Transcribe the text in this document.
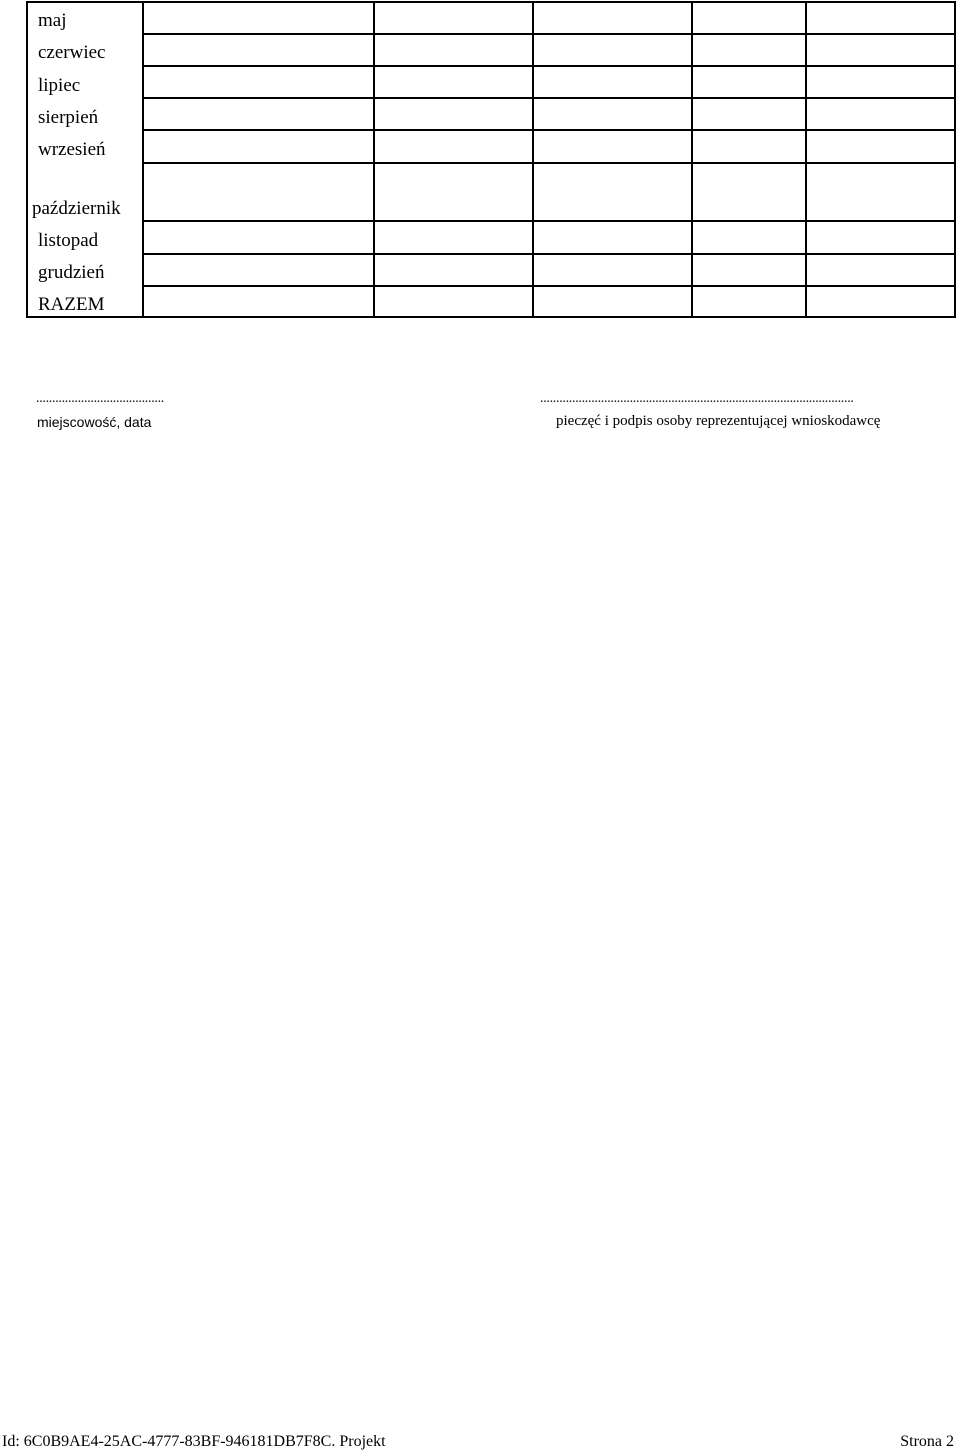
maj
czerwiec
lipiec
sierpień
wrzesień
październik
listopad
grudzień
RAZEM
........................................
miejscowość, data
..................................................................................................
pieczęć i podpis osoby reprezentującej wnioskodawcę
Id: 6C0B9AE4-25AC-4777-83BF-946181DB7F8C. Projekt	Strona 2
